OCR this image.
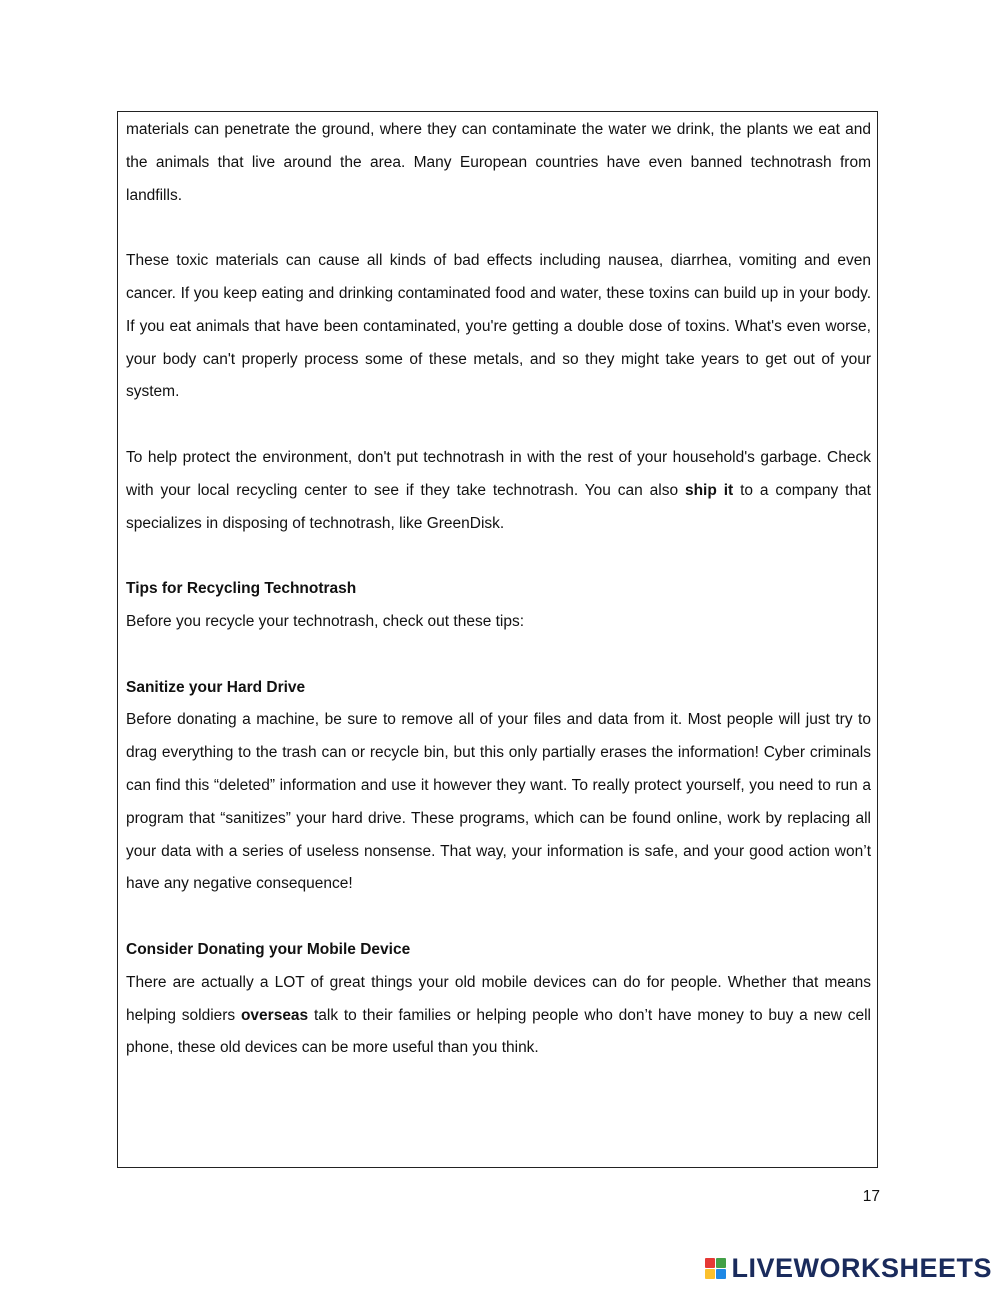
materials can penetrate the ground, where they can contaminate the water we drink, the plants we eat and the animals that live around the area. Many European countries have even banned technotrash from landfills.

These toxic materials can cause all kinds of bad effects including nausea, diarrhea, vomiting and even cancer. If you keep eating and drinking contaminated food and water, these toxins can build up in your body. If you eat animals that have been contaminated, you're getting a double dose of toxins. What's even worse, your body can't properly process some of these metals, and so they might take years to get out of your system.

To help protect the environment, don't put technotrash in with the rest of your household's garbage. Check with your local recycling center to see if they take technotrash. You can also ship it to a company that specializes in disposing of technotrash, like GreenDisk.

Tips for Recycling Technotrash

Before you recycle your technotrash, check out these tips:

Sanitize your Hard Drive

Before donating a machine, be sure to remove all of your files and data from it. Most people will just try to drag everything to the trash can or recycle bin, but this only partially erases the information! Cyber criminals can find this “deleted” information and use it however they want. To really protect yourself, you need to run a program that “sanitizes” your hard drive. These programs, which can be found online, work by replacing all your data with a series of useless nonsense. That way, your information is safe, and your good action won’t have any negative consequence!

Consider Donating your Mobile Device

There are actually a LOT of great things your old mobile devices can do for people. Whether that means helping soldiers overseas talk to their families or helping people who don’t have money to buy a new cell phone, these old devices can be more useful than you think.

17
LIVEWORKSHEETS
